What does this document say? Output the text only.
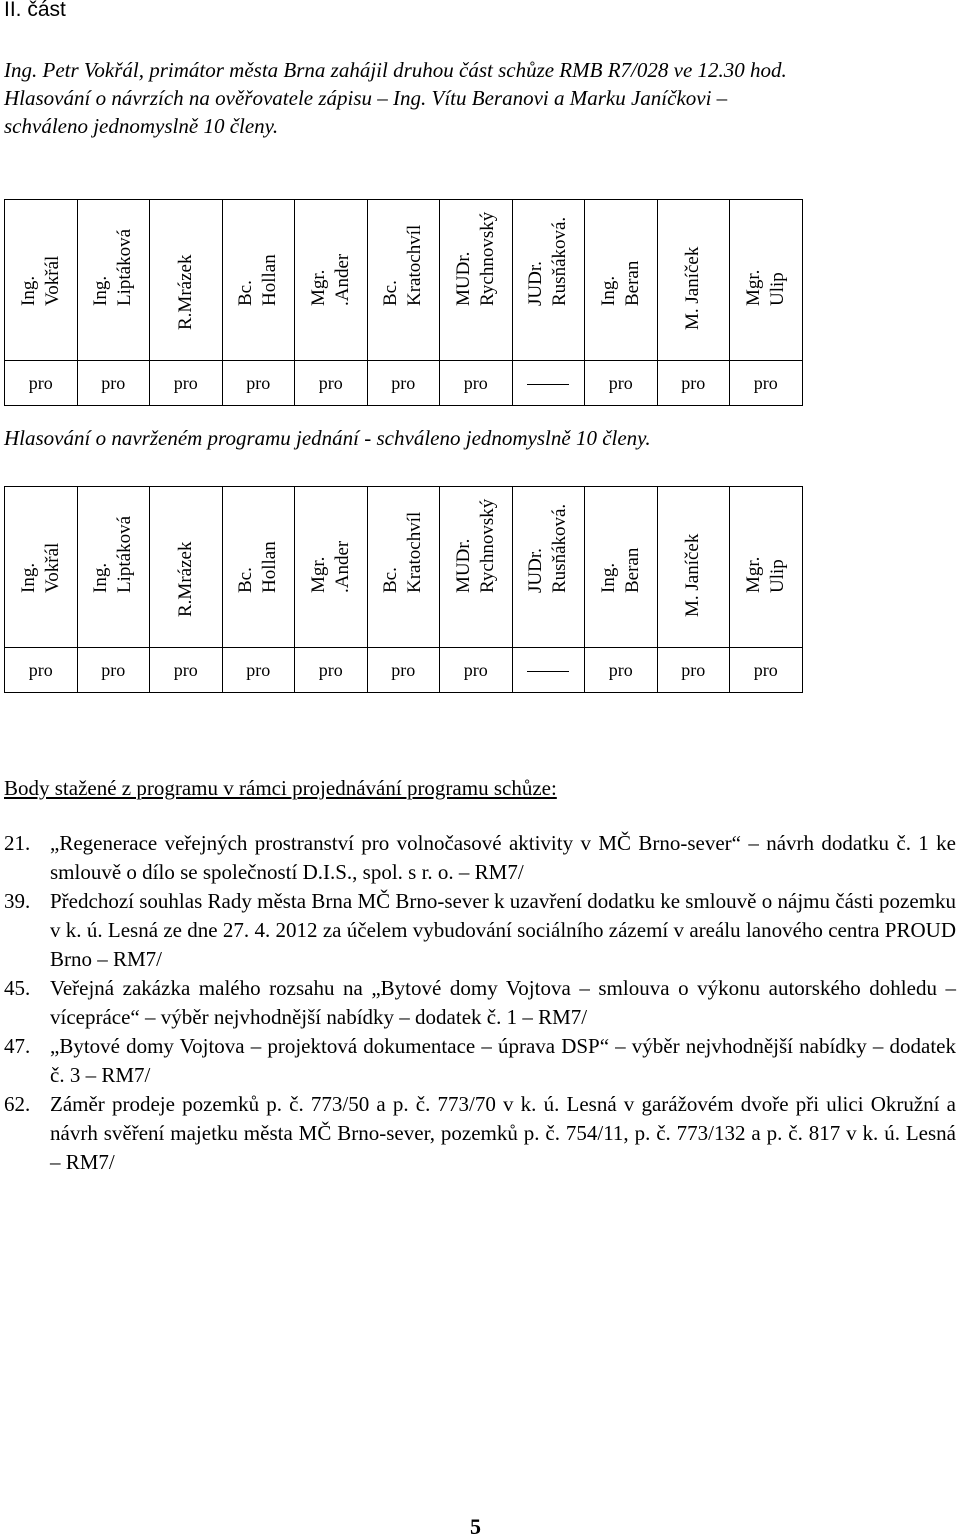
II. část
Ing. Petr Vokřál, primátor města Brna zahájil druhou část schůze RMB R7/028 ve 12.30 hod.
Hlasování o návrzích na ověřovatele zápisu – Ing. Vítu Beranovi a Marku Janíčkovi –
schváleno jednomyslně 10 členy.
Ing. Vokřál	Ing. Liptáková	R.Mrázek	Bc. Hollan	Mgr. .Ander	Bc. Kratochvíl	MUDr. Rychnovský	JUDr. Rusňáková.	Ing. Beran	M. Janíček	Mgr. Ulip

pro	pro	pro	pro	pro	pro	pro		pro	pro	pro
Hlasování o navrženém programu jednání - schváleno jednomyslně 10 členy.
Ing. Vokřál	Ing. Liptáková	R.Mrázek	Bc. Hollan	Mgr. .Ander	Bc. Kratochvíl	MUDr. Rychnovský	JUDr. Rusňáková.	Ing. Beran	M. Janíček	Mgr. Ulip

pro	pro	pro	pro	pro	pro	pro		pro	pro	pro
Body stažené z programu v rámci projednávání programu schůze:
21. „Regenerace veřejných prostranství pro volnočasové aktivity v MČ Brno-sever“ – návrh dodatku č. 1 ke smlouvě o dílo se společností D.I.S., spol. s r. o. – RM7/
39. Předchozí souhlas Rady města Brna MČ Brno-sever k uzavření dodatku ke smlouvě o nájmu části pozemku v k. ú. Lesná ze dne 27. 4. 2012 za účelem vybudování sociálního zázemí v areálu lanového centra PROUD Brno – RM7/
45. Veřejná zakázka malého rozsahu na „Bytové domy Vojtova – smlouva o výkonu autorského dohledu – vícepráce“ – výběr nejvhodnější nabídky – dodatek č. 1 – RM7/
47. „Bytové domy Vojtova – projektová dokumentace – úprava DSP“ – výběr nejvhodnější nabídky – dodatek č. 3 – RM7/
62. Záměr prodeje pozemků p. č. 773/50 a p. č. 773/70 v k. ú. Lesná v garážovém dvoře při ulici Okružní a návrh svěření majetku města MČ Brno-sever, pozemků p. č. 754/11, p. č. 773/132 a p. č. 817 v k. ú. Lesná – RM7/
5
